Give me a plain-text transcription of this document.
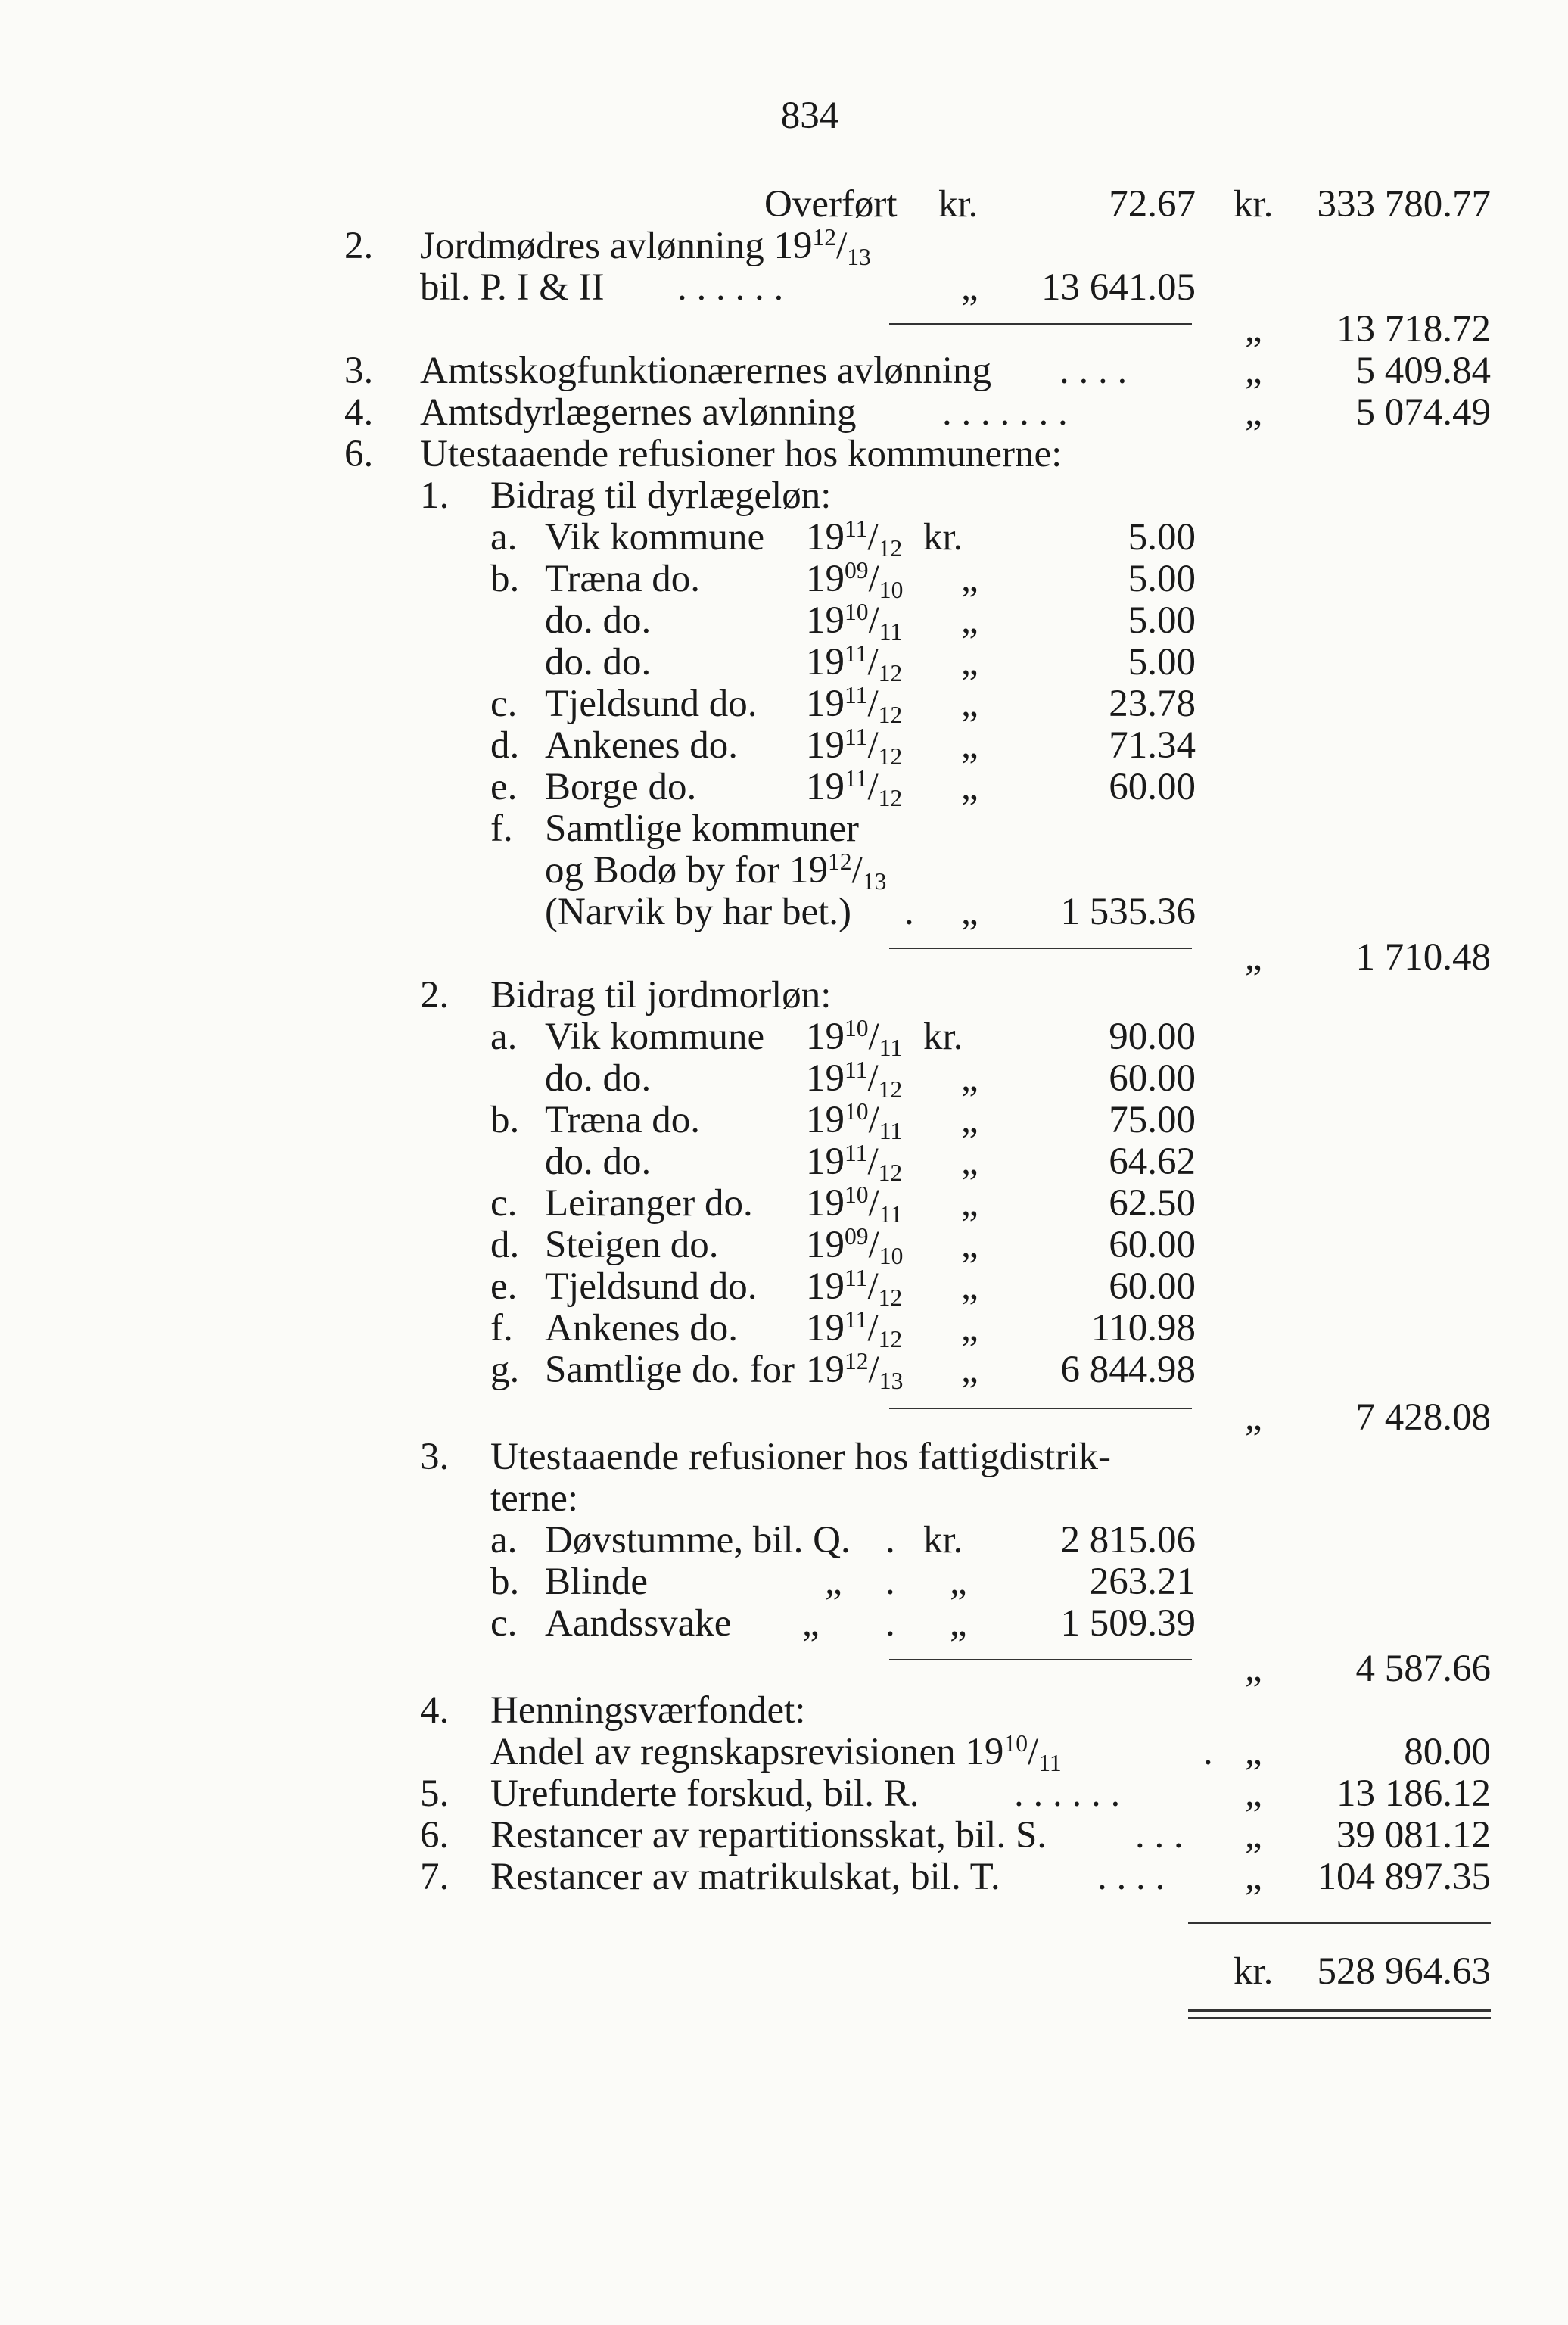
834
Overført kr.	72.67 kr.	333 780.77
2. Jordmødres avlønning $19^{12}/_{13}$
bil. P. I & II . . . . . .	„	13 641.05
„	13 718.72
3. Amtsskogfunktionærernes avlønning . . . .	„	5 409.84
4. Amtsdyrlægernes avlønning . . . . . . .	„	5 074.49
6. Utestaaende refusioner hos kommunerne:
1. Bidrag til dyrlægeløn:
a. Vik kommune $19^{11}/_{12}$ kr.	5.00
b. Træna do.	$19^{09}/_{10}$ „	5.00
do. do.	$19^{10}/_{11}$ „	5.00
do. do.	$19^{11}/_{12}$ „	5.00
c. Tjeldsund do. $19^{11}/_{12}$ „	23.78
d. Ankenes do. $19^{11}/_{12}$ „	71.34
e. Borge do.	$19^{11}/_{12}$ „	60.00
f. Samtlige kommuner
og Bodø by for $19^{12}/_{13}$
(Narvik by har bet.) . „	1 535.36
„	1 710.48
2. Bidrag til jordmorløn:
a. Vik kommune $19^{10}/_{11}$ kr.	90.00
do. do.	$19^{11}/_{12}$ „	60.00
b. Træna do.	$19^{10}/_{11}$ „	75.00
do. do.	$19^{11}/_{12}$ „	64.62
c. Leiranger do. $19^{10}/_{11}$ „	62.50
d. Steigen do. $19^{09}/_{10}$ „	60.00
e. Tjeldsund do. $19^{11}/_{12}$ „	60.00
f. Ankenes do. $19^{11}/_{12}$ „	110.98
g. Samtlige do. for $19^{12}/_{13}$ „	6 844.98
„	7 428.08
3. Utestaaende refusioner hos fattigdistrik-
terne:
a. Døvstumme, bil. Q. . kr.	2 815.06
b. Blinde	„ . „	263.21
c. Aandssvake „ . „	1 509.39
„	4 587.66
4. Henningsværfondet:
Andel av regnskapsrevisionen $19^{10}/_{11}$	. „	80.00
5. Urefunderte forskud, bil. R. . . . . . .	„	13 186.12
6. Restancer av repartitionsskat, bil. S. . . . „	39 081.12
7. Restancer av matrikulskat, bil. T.	. . . . „	104 897.35
kr.	528 964.63
